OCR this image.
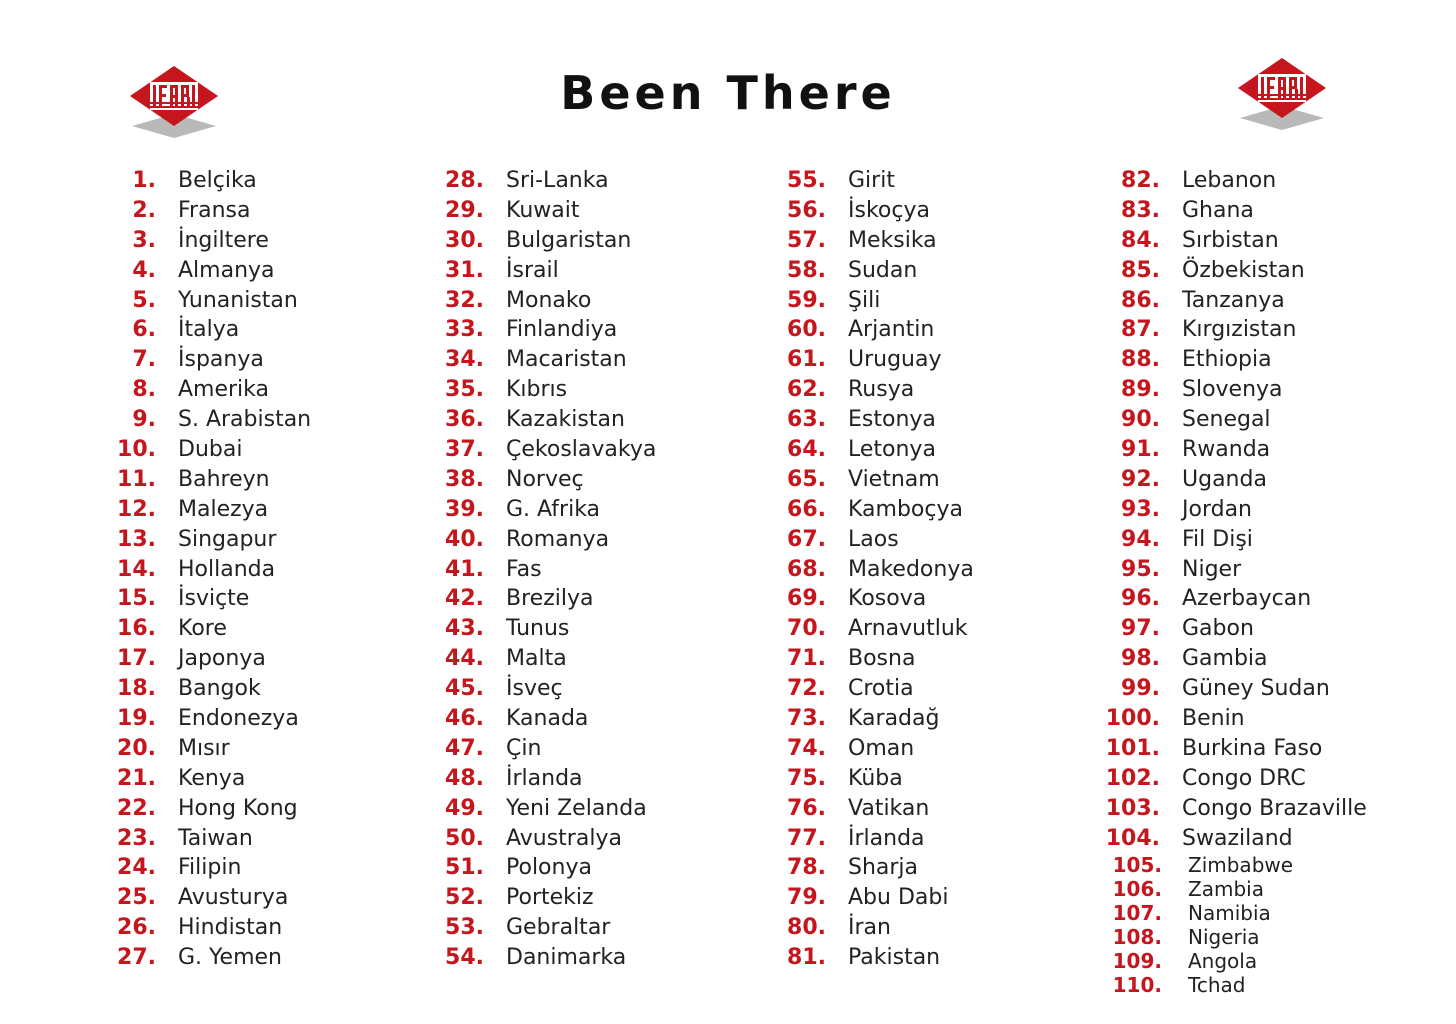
Been There
1. Belçika
2. Fransa
3. İngiltere
4. Almanya
5. Yunanistan
6. İtalya
7. İspanya
8. Amerika
9. S. Arabistan
10. Dubai
11. Bahreyn
12. Malezya
13. Singapur
14. Hollanda
15. İsviçte
16. Kore
17. Japonya
18. Bangok
19. Endonezya
20. Mısır
21. Kenya
22. Hong Kong
23. Taiwan
24. Filipin
25. Avusturya
26. Hindistan
27. G. Yemen
28. Sri-Lanka
29. Kuwait
30. Bulgaristan
31. İsrail
32. Monako
33. Finlandiya
34. Macaristan
35. Kıbrıs
36. Kazakistan
37. Çekoslavakya
38. Norveç
39. G. Afrika
40. Romanya
41. Fas
42. Brezilya
43. Tunus
44. Malta
45. İsveç
46. Kanada
47. Çin
48. İrlanda
49. Yeni Zelanda
50. Avustralya
51. Polonya
52. Portekiz
53. Gebraltar
54. Danimarka
55. Girit
56. İskoçya
57. Meksika
58. Sudan
59. Şili
60. Arjantin
61. Uruguay
62. Rusya
63. Estonya
64. Letonya
65. Vietnam
66. Kamboçya
67. Laos
68. Makedonya
69. Kosova
70. Arnavutluk
71. Bosna
72. Crotia
73. Karadağ
74. Oman
75. Küba
76. Vatikan
77. İrlanda
78. Sharja
79. Abu Dabi
80. İran
81. Pakistan
82. Lebanon
83. Ghana
84. Sırbistan
85. Özbekistan
86. Tanzanya
87. Kırgızistan
88. Ethiopia
89. Slovenya
90. Senegal
91. Rwanda
92. Uganda
93. Jordan
94. Fil Dişi
95. Niger
96. Azerbaycan
97. Gabon
98. Gambia
99. Güney Sudan
100. Benin
101. Burkina Faso
102. Congo DRC
103. Congo Brazaville
104. Swaziland
105. Zimbabwe
106. Zambia
107. Namibia
108. Nigeria
109. Angola
110. Tchad
